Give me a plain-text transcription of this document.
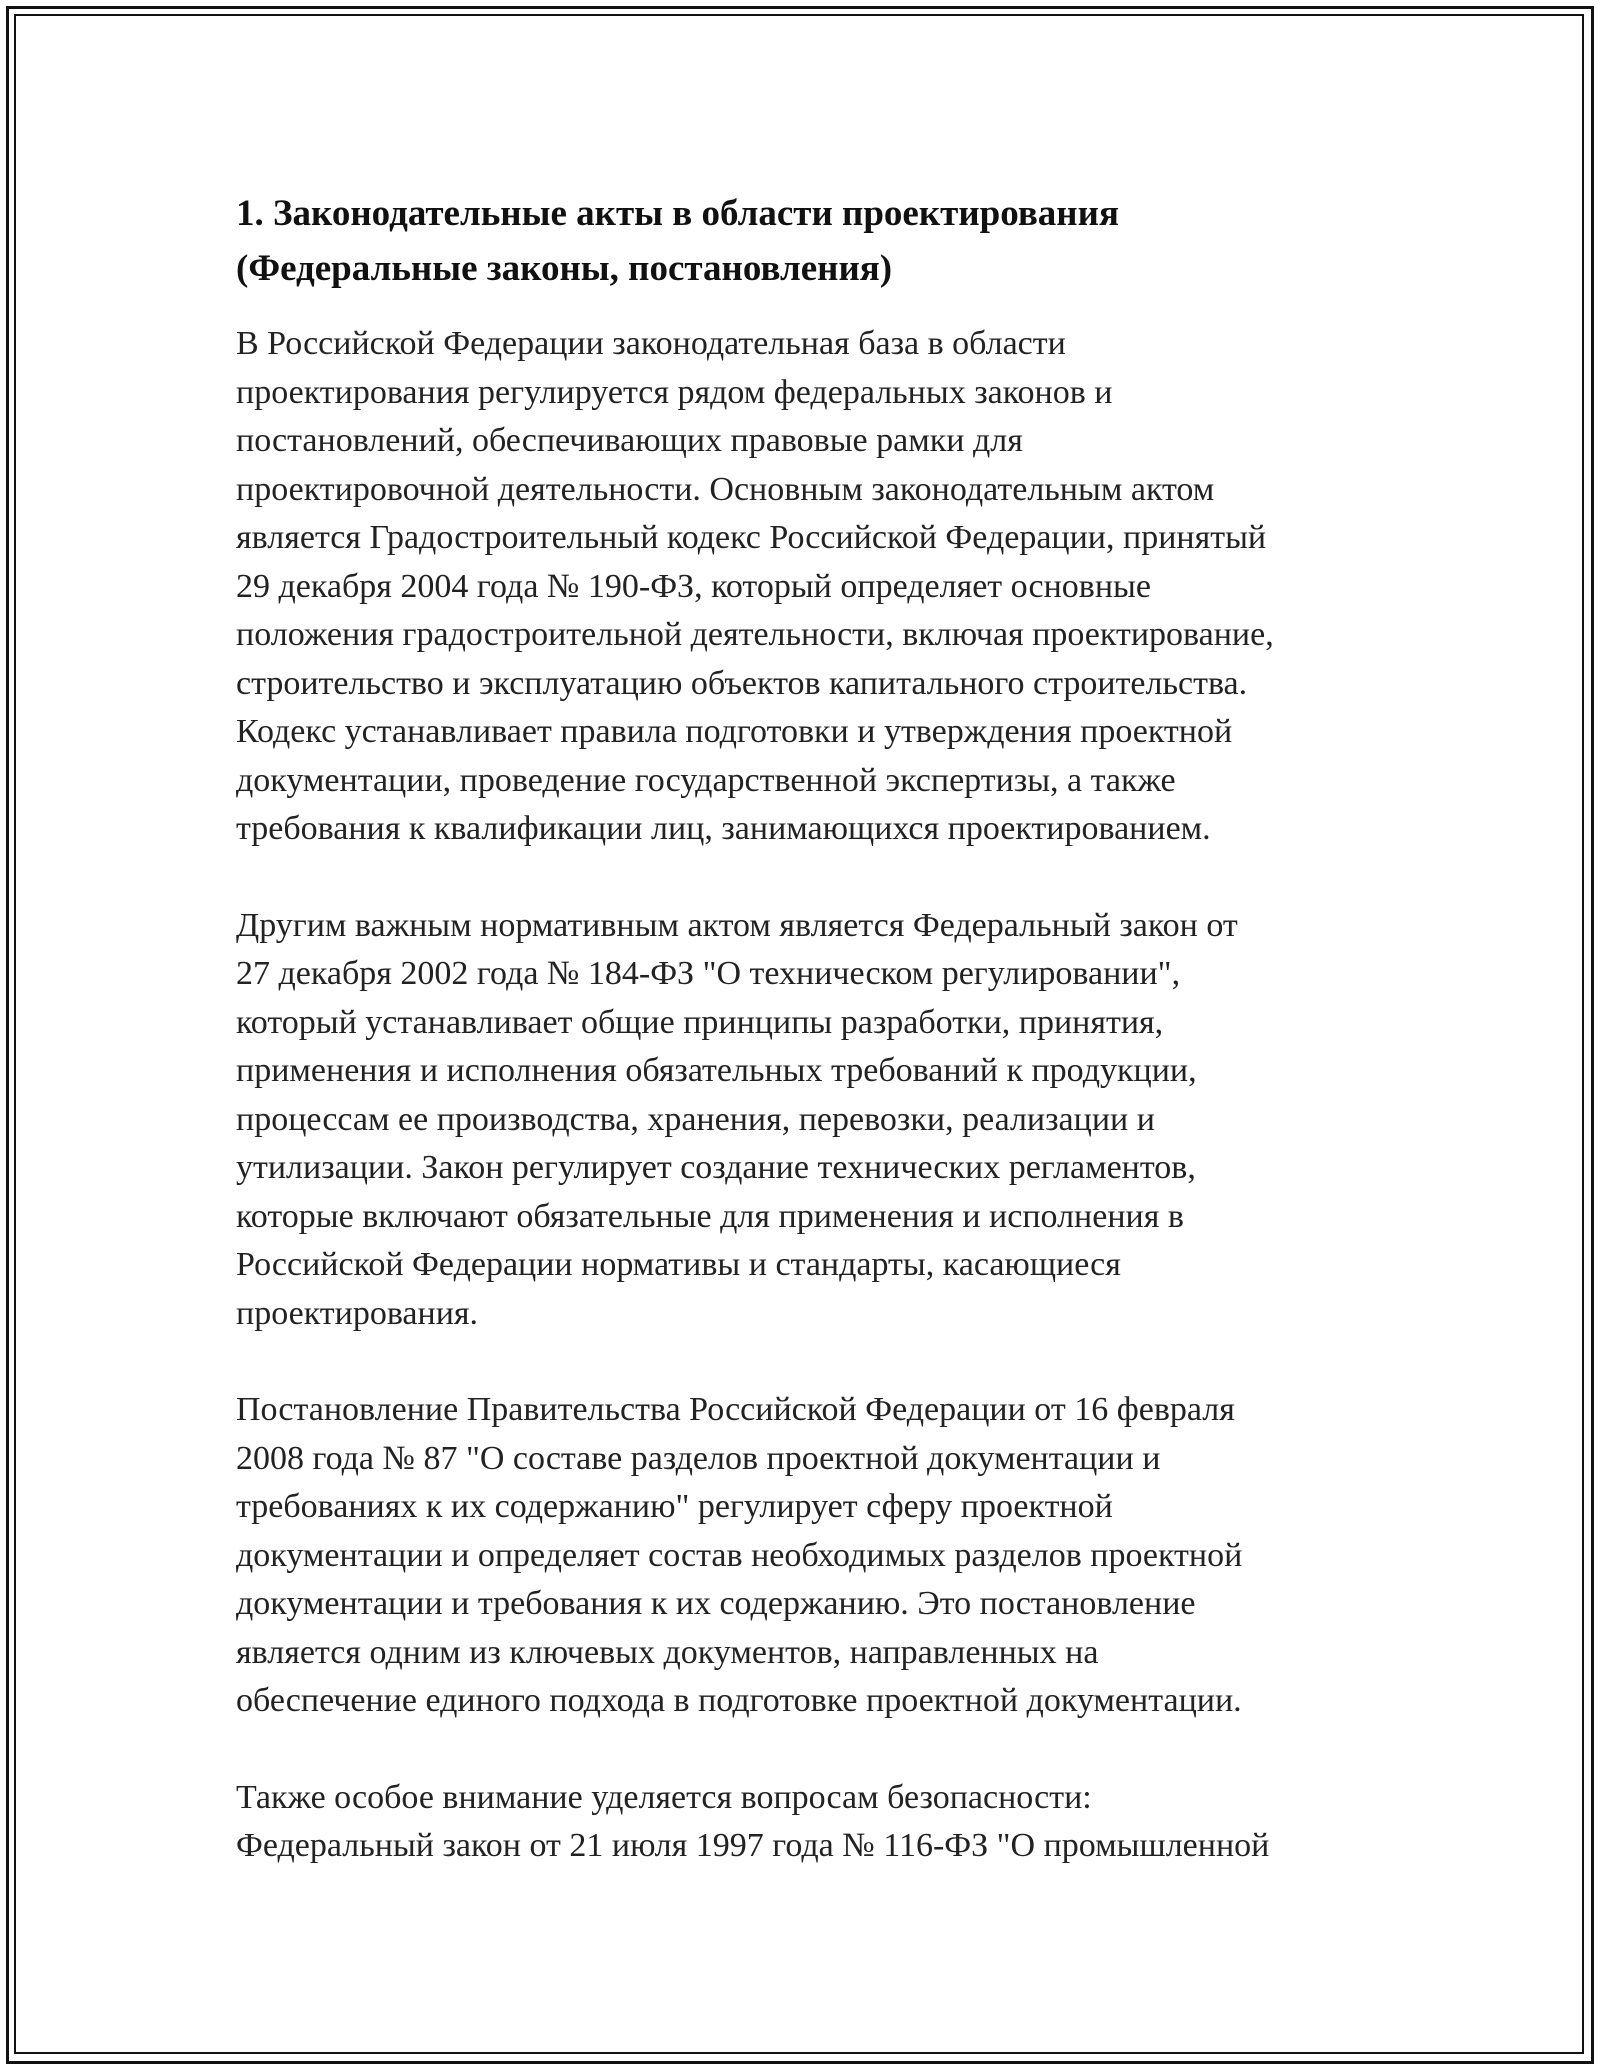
1. Законодательные акты в области проектирования
(Федеральные законы, постановления)

В Российской Федерации законодательная база в области
проектирования регулируется рядом федеральных законов и
постановлений, обеспечивающих правовые рамки для
проектировочной деятельности. Основным законодательным актом
является Градостроительный кодекс Российской Федерации, принятый
29 декабря 2004 года № 190-ФЗ, который определяет основные
положения градостроительной деятельности, включая проектирование,
строительство и эксплуатацию объектов капитального строительства.
Кодекс устанавливает правила подготовки и утверждения проектной
документации, проведение государственной экспертизы, а также
требования к квалификации лиц, занимающихся проектированием.

Другим важным нормативным актом является Федеральный закон от
27 декабря 2002 года № 184-ФЗ "О техническом регулировании",
который устанавливает общие принципы разработки, принятия,
применения и исполнения обязательных требований к продукции,
процессам ее производства, хранения, перевозки, реализации и
утилизации. Закон регулирует создание технических регламентов,
которые включают обязательные для применения и исполнения в
Российской Федерации нормативы и стандарты, касающиеся
проектирования.

Постановление Правительства Российской Федерации от 16 февраля
2008 года № 87 "О составе разделов проектной документации и
требованиях к их содержанию" регулирует сферу проектной
документации и определяет состав необходимых разделов проектной
документации и требования к их содержанию. Это постановление
является одним из ключевых документов, направленных на
обеспечение единого подхода в подготовке проектной документации.

Также особое внимание уделяется вопросам безопасности:
Федеральный закон от 21 июля 1997 года № 116-ФЗ "О промышленной
